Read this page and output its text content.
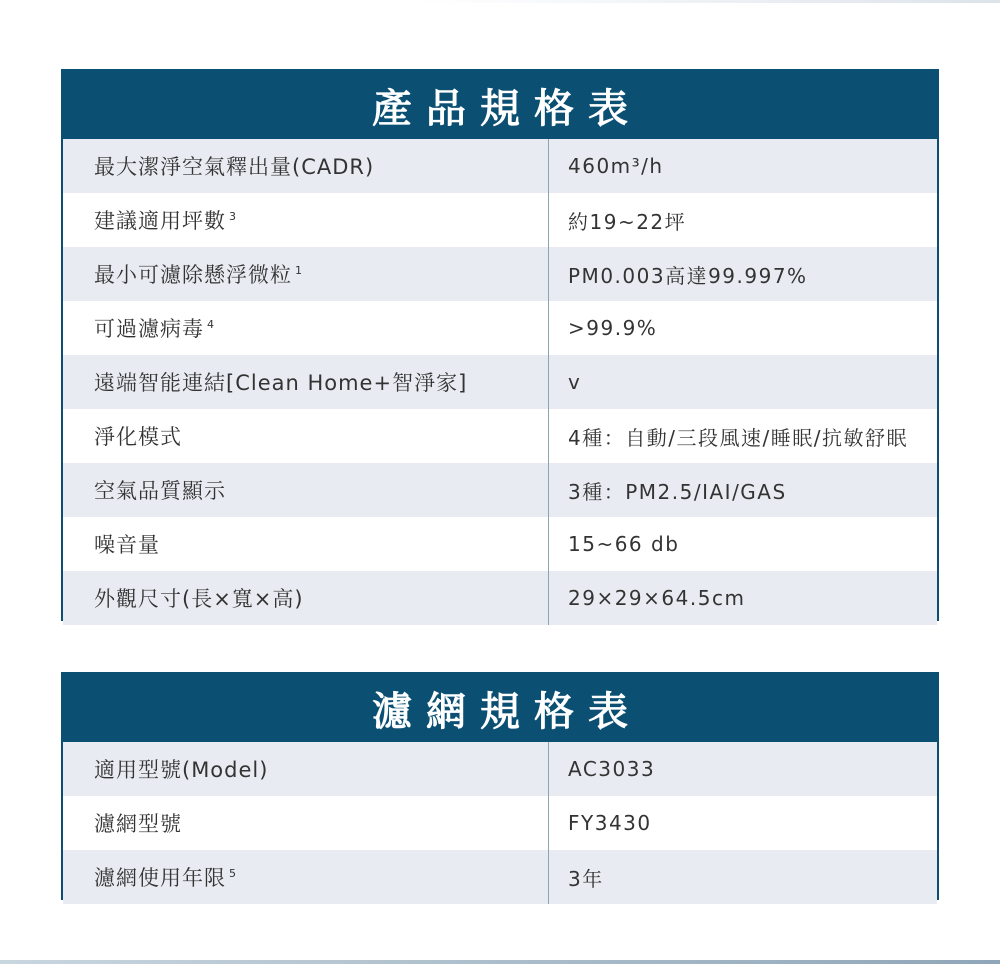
產品規格表
最大潔淨空氣釋出量(CADR)	460m³/h
建議適用坪數 $^3$	約19~22坪
最小可濾除懸浮微粒 $^1$	PM0.003高達99.997%
可過濾病毒 $^4$	>99.9%
遠端智能連結[Clean Home+智淨家]	v
淨化模式	4種：自動/三段風速/睡眠/抗敏舒眠
空氣品質顯示	3種：PM2.5/IAI/GAS
噪音量	15~66 db
外觀尺寸(長×寬×高)	29×29×64.5cm
濾網規格表
適用型號(Model)	AC3033
濾網型號	FY3430
濾網使用年限 $^5$	3年
